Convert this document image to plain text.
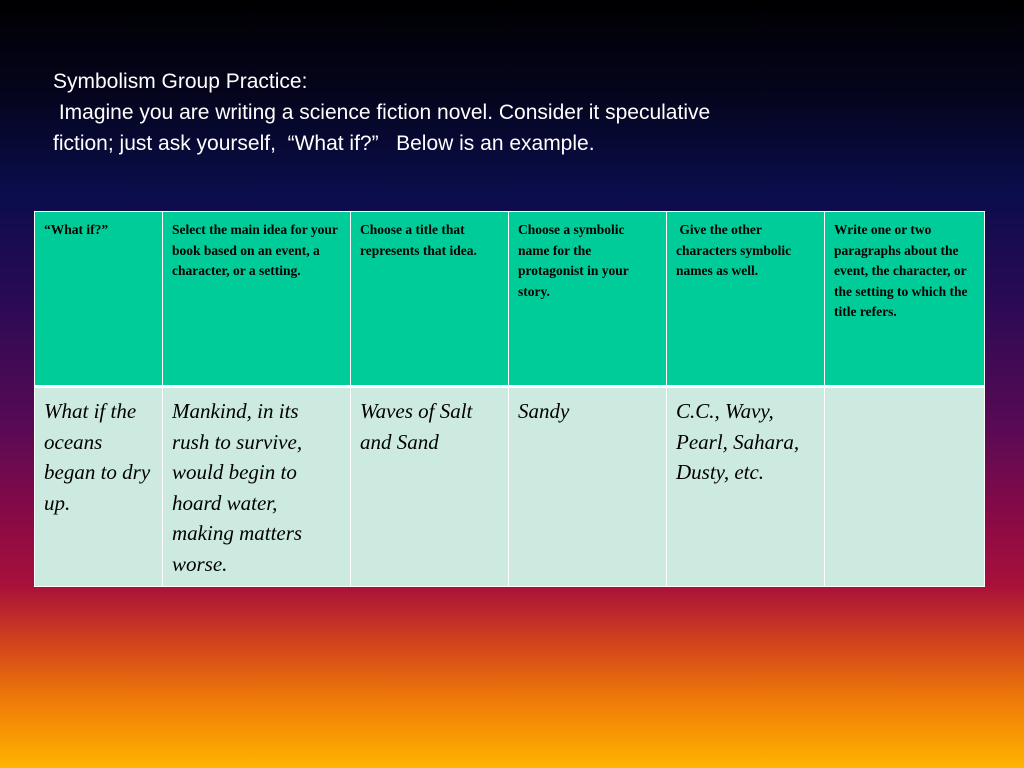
Symbolism Group Practice:
Imagine you are writing a science fiction novel. Consider it speculative
fiction; just ask yourself,  “What if?”   Below is an example.
“What if?”	Select the main idea for your book based on an event, a character, or a setting.	Choose a title that represents that idea.	Choose a symbolic name for the protagonist in your story.	Give the other characters symbolic names as well.	Write one or two paragraphs about the event, the character, or the setting to which the title refers.
What if the oceans began to dry up.	Mankind, in its rush to survive, would begin to hoard water, making matters worse.	Waves of Salt and Sand	Sandy	C.C., Wavy, Pearl, Sahara, Dusty, etc.	
